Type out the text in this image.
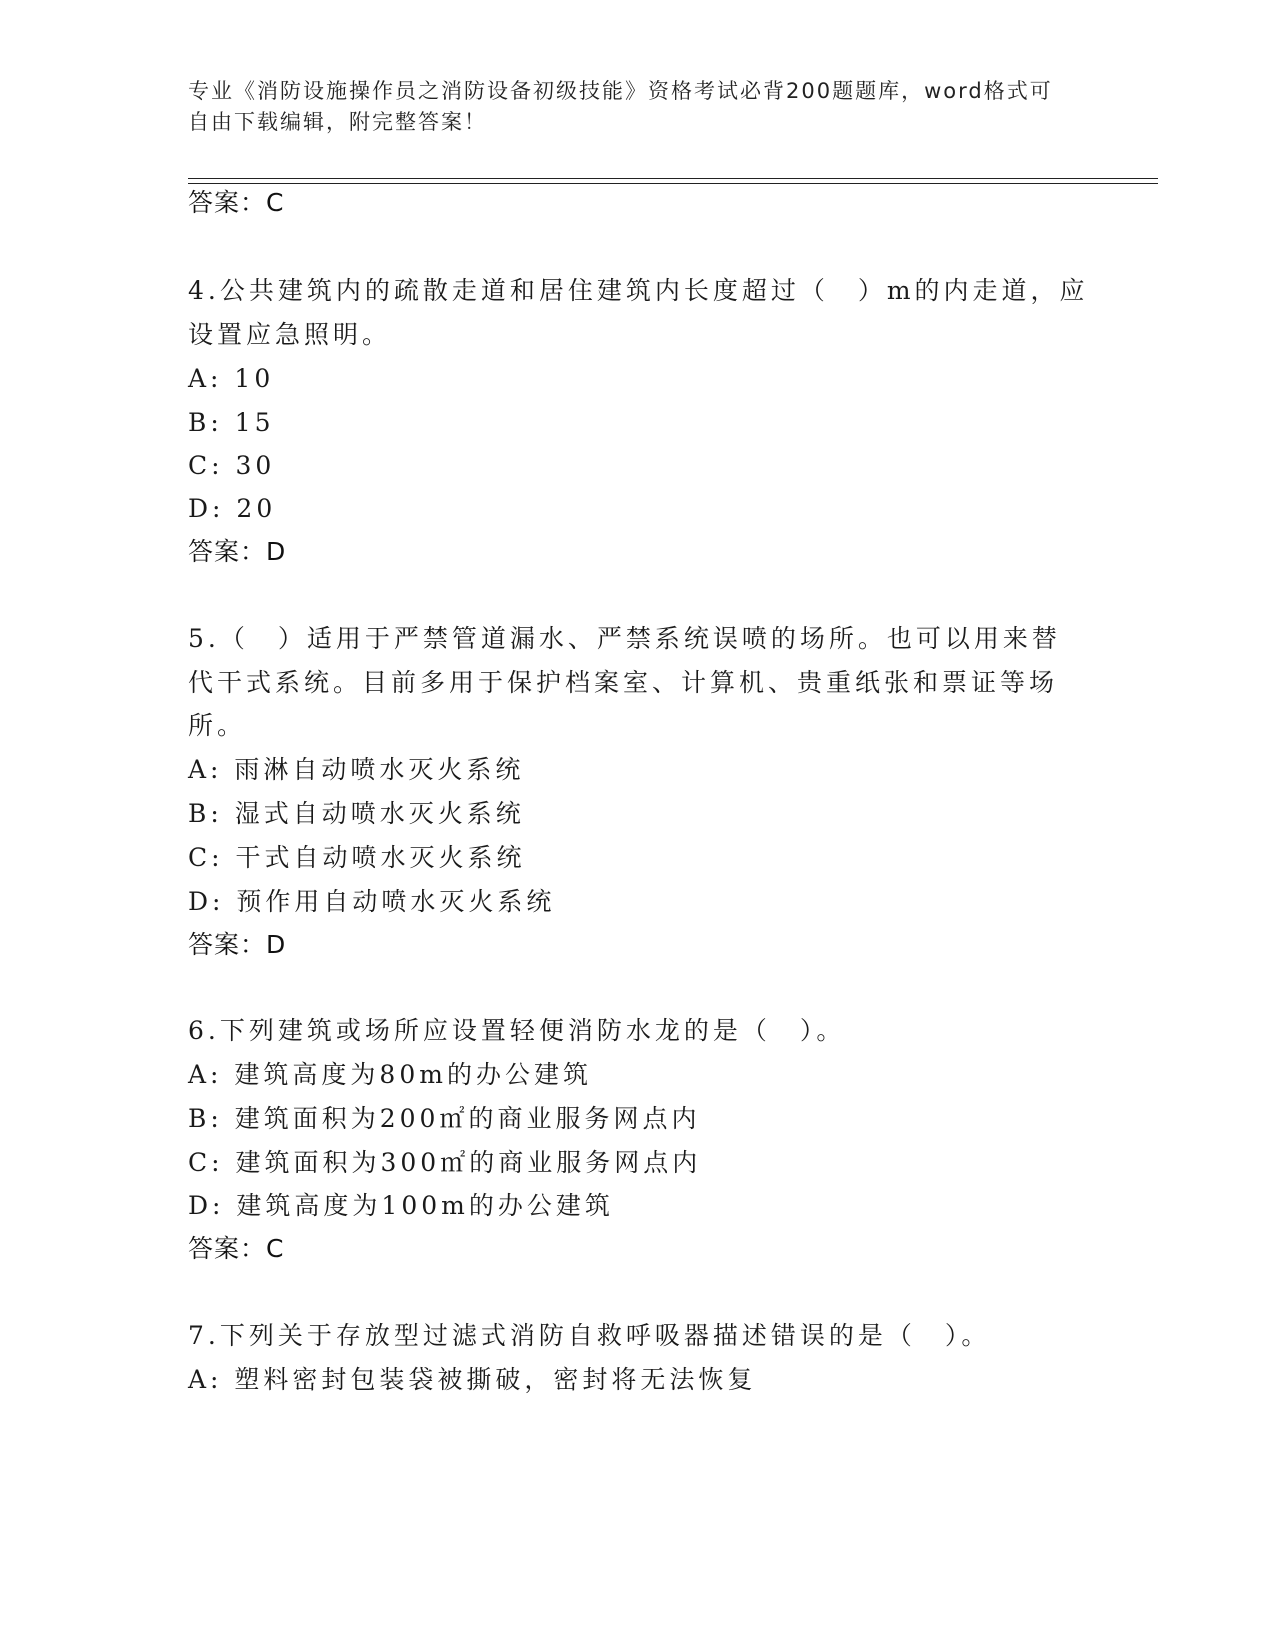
专业《消防设施操作员之消防设备初级技能》资格考试必背200题题库，word格式可自由下载编辑，附完整答案！
答案：C
4.公共建筑内的疏散走道和居住建筑内长度超过（　）m的内走道，应
设置应急照明。
A: 10
B: 15
C: 30
D: 20
答案：D
5.（　）适用于严禁管道漏水、严禁系统误喷的场所。也可以用来替
代干式系统。目前多用于保护档案室、计算机、贵重纸张和票证等场
所。
A: 雨淋自动喷水灭火系统
B: 湿式自动喷水灭火系统
C: 干式自动喷水灭火系统
D: 预作用自动喷水灭火系统
答案：D
6.下列建筑或场所应设置轻便消防水龙的是（　）。
A: 建筑高度为80m的办公建筑
B: 建筑面积为200㎡的商业服务网点内
C: 建筑面积为300㎡的商业服务网点内
D: 建筑高度为100m的办公建筑
答案：C
7.下列关于存放型过滤式消防自救呼吸器描述错误的是（　）。
A: 塑料密封包装袋被撕破，密封将无法恢复
